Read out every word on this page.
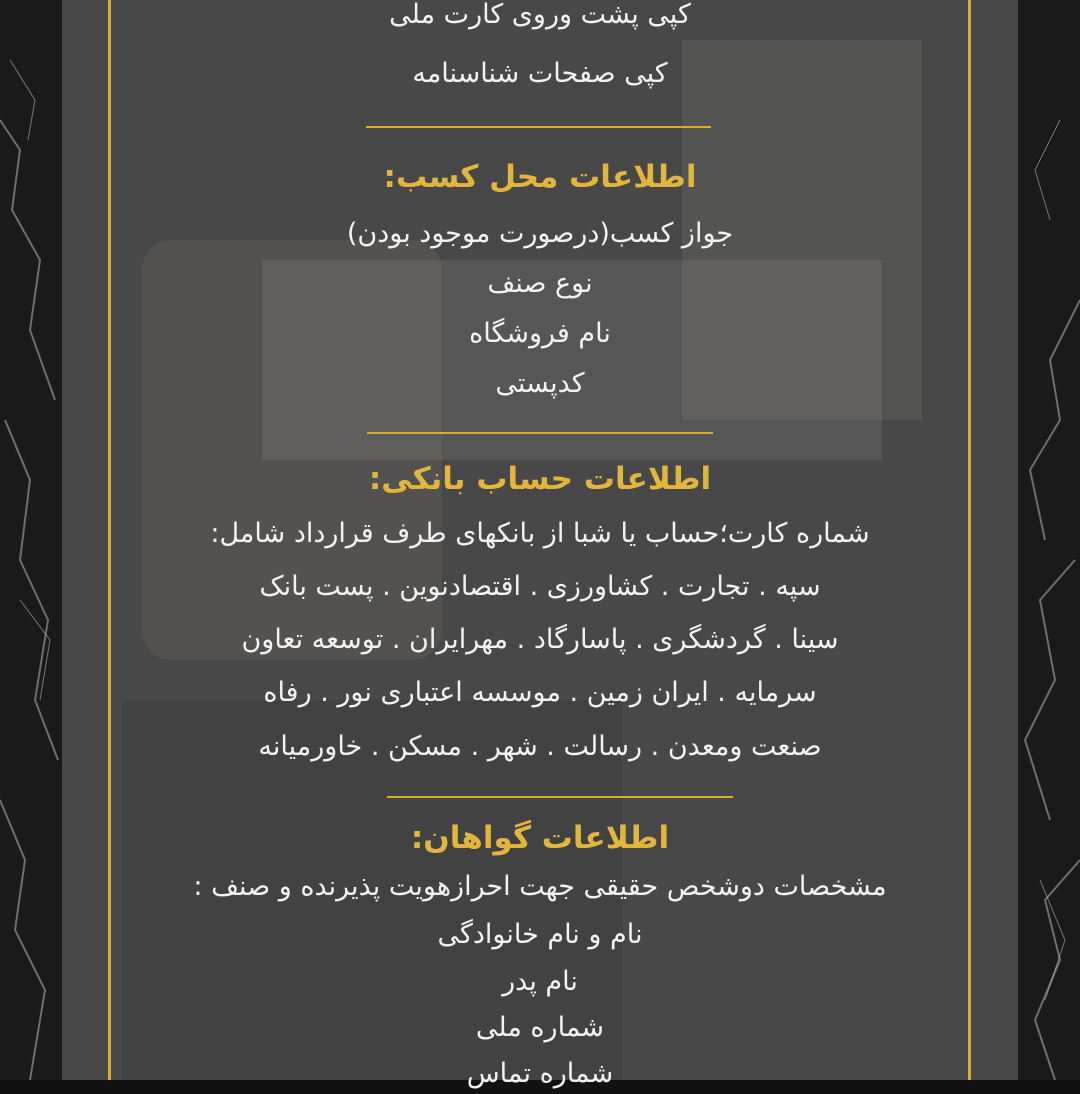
کپی پشت وروی کارت ملی
کپی صفحات شناسنامه
اطلاعات محل کسب:
جواز کسب(درصورت موجود بودن)
نوع صنف
نام فروشگاه
کدپستی
اطلاعات حساب بانکی:
شماره کارت؛حساب یا شبا از بانکهای طرف قرارداد شامل:
سپه . تجارت . کشاورزی . اقتصادنوین . پست بانک
سینا . گردشگری . پاسارگاد . مهرایران . توسعه تعاون
سرمایه . ایران زمین . موسسه اعتباری نور . رفاه
صنعت ومعدن . رسالت . شهر . مسکن . خاورمیانه
اطلاعات گواهان:
مشخصات دوشخص حقیقی جهت احرازهویت پذیرنده و صنف :
نام و نام خانوادگی
نام پدر
شماره ملی
شماره تماس
